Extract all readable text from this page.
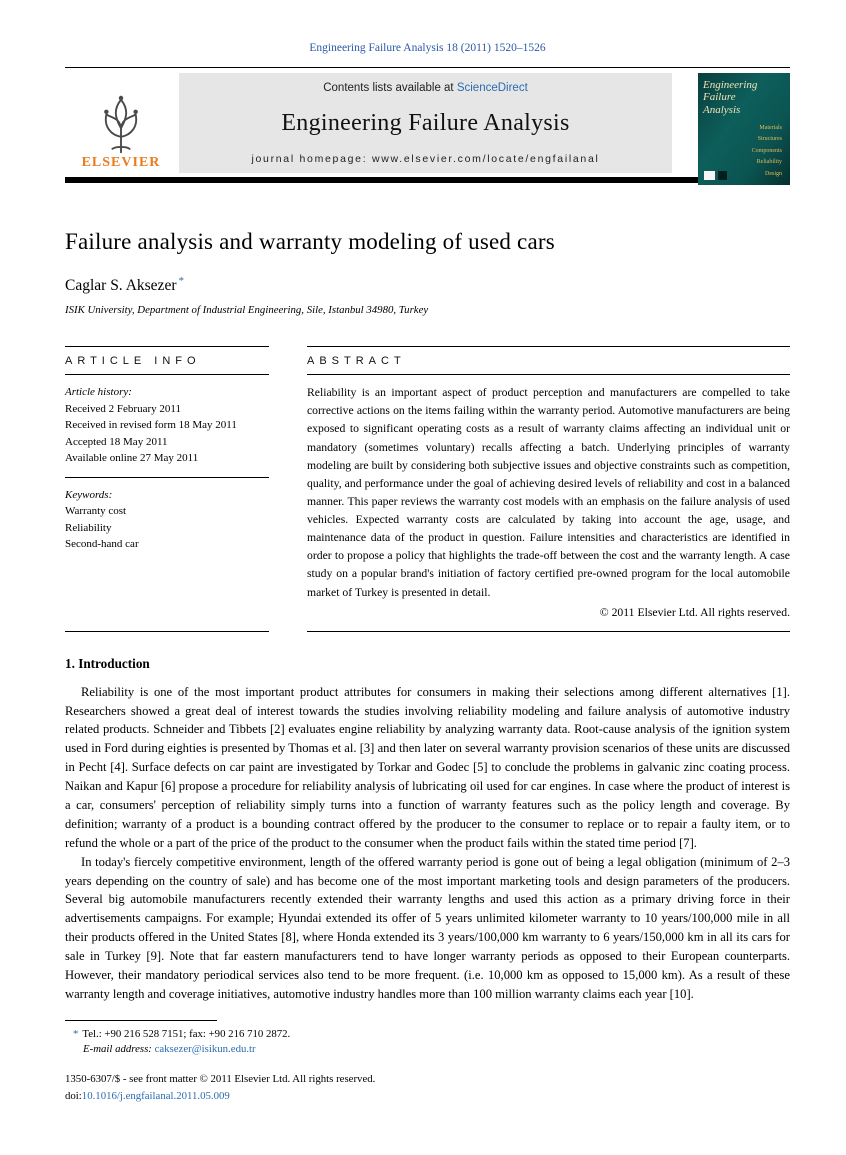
Engineering Failure Analysis 18 (2011) 1520–1526
ELSEVIER
Contents lists available at ScienceDirect
Engineering Failure Analysis
journal homepage: www.elsevier.com/locate/engfailanal
Engineering
Failure
Analysis
Materials
Structures
Components
Reliability
Design
Failure analysis and warranty modeling of used cars
Caglar S. Aksezer *
ISIK University, Department of Industrial Engineering, Sile, Istanbul 34980, Turkey
ARTICLE INFO
Article history:
Received 2 February 2011
Received in revised form 18 May 2011
Accepted 18 May 2011
Available online 27 May 2011
Keywords:
Warranty cost
Reliability
Second-hand car
ABSTRACT

Reliability is an important aspect of product perception and manufacturers are compelled to take corrective actions on the items failing within the warranty period. Automotive manufacturers are being exposed to significant operating costs as a result of warranty claims affecting an individual unit or mandatory (sometimes voluntary) recalls affecting a batch. Underlying principles of warranty modeling are built by considering both subjective issues and objective constraints such as competition, quality, and performance under the goal of achieving desired levels of reliability and cost in a balanced manner. This paper reviews the warranty cost models with an emphasis on the failure analysis of used vehicles. Expected warranty costs are calculated by taking into account the age, usage, and maintenance data of the product in question. Failure intensities and characteristics are identified in order to propose a policy that highlights the trade-off between the cost and the warranty length. A case study on a popular brand's initiation of factory certified pre-owned program for the local automobile market of Turkey is presented in detail.

© 2011 Elsevier Ltd. All rights reserved.
1. Introduction

Reliability is one of the most important product attributes for consumers in making their selections among different alternatives [1]. Researchers showed a great deal of interest towards the studies involving reliability modeling and failure analysis of automotive industry related products. Schneider and Tibbets [2] evaluates engine reliability by analyzing warranty data. Root-cause analysis of the ignition system used in Ford during eighties is presented by Thomas et al. [3] and then later on several warranty provision scenarios of these units are discussed in Pecht [4]. Surface defects on car paint are investigated by Torkar and Godec [5] to conclude the problems in galvanic zinc coating process. Naikan and Kapur [6] propose a procedure for reliability analysis of lubricating oil used for car engines. In case where the product of interest is a car, consumers' perception of reliability simply turns into a function of warranty features such as the policy length and coverage. By definition; warranty of a product is a bounding contract offered by the producer to the consumer to replace or to repair a faulty item, or to refund the whole or a part of the price of the product to the consumer when the product fails within the stated time period [7].

In today's fiercely competitive environment, length of the offered warranty period is gone out of being a legal obligation (minimum of 2–3 years depending on the country of sale) and has become one of the most important marketing tools and design parameters of the producers. Several big automobile manufacturers recently extended their warranty lengths and used this action as a primary driving force in their advertisements campaigns. For example; Hyundai extended its offer of 5 years unlimited kilometer warranty to 10 years/100,000 mile in all their products offered in the United States [8], where Honda extended its 3 years/100,000 km warranty to 6 years/150,000 km in all its cars for sale in Turkey [9]. Note that far eastern manufacturers tend to have longer warranty periods as opposed to their European counterparts. However, their mandatory periodical services also tend to be more frequent. (i.e. 10,000 km as opposed to 15,000 km). As a result of these warranty length and coverage initiatives, automotive industry handles more than 100 million warranty claims each year [10].

* Tel.: +90 216 528 7151; fax: +90 216 710 2872.
E-mail address: caksezer@isikun.edu.tr
1350-6307/$ - see front matter © 2011 Elsevier Ltd. All rights reserved.
doi:10.1016/j.engfailanal.2011.05.009
